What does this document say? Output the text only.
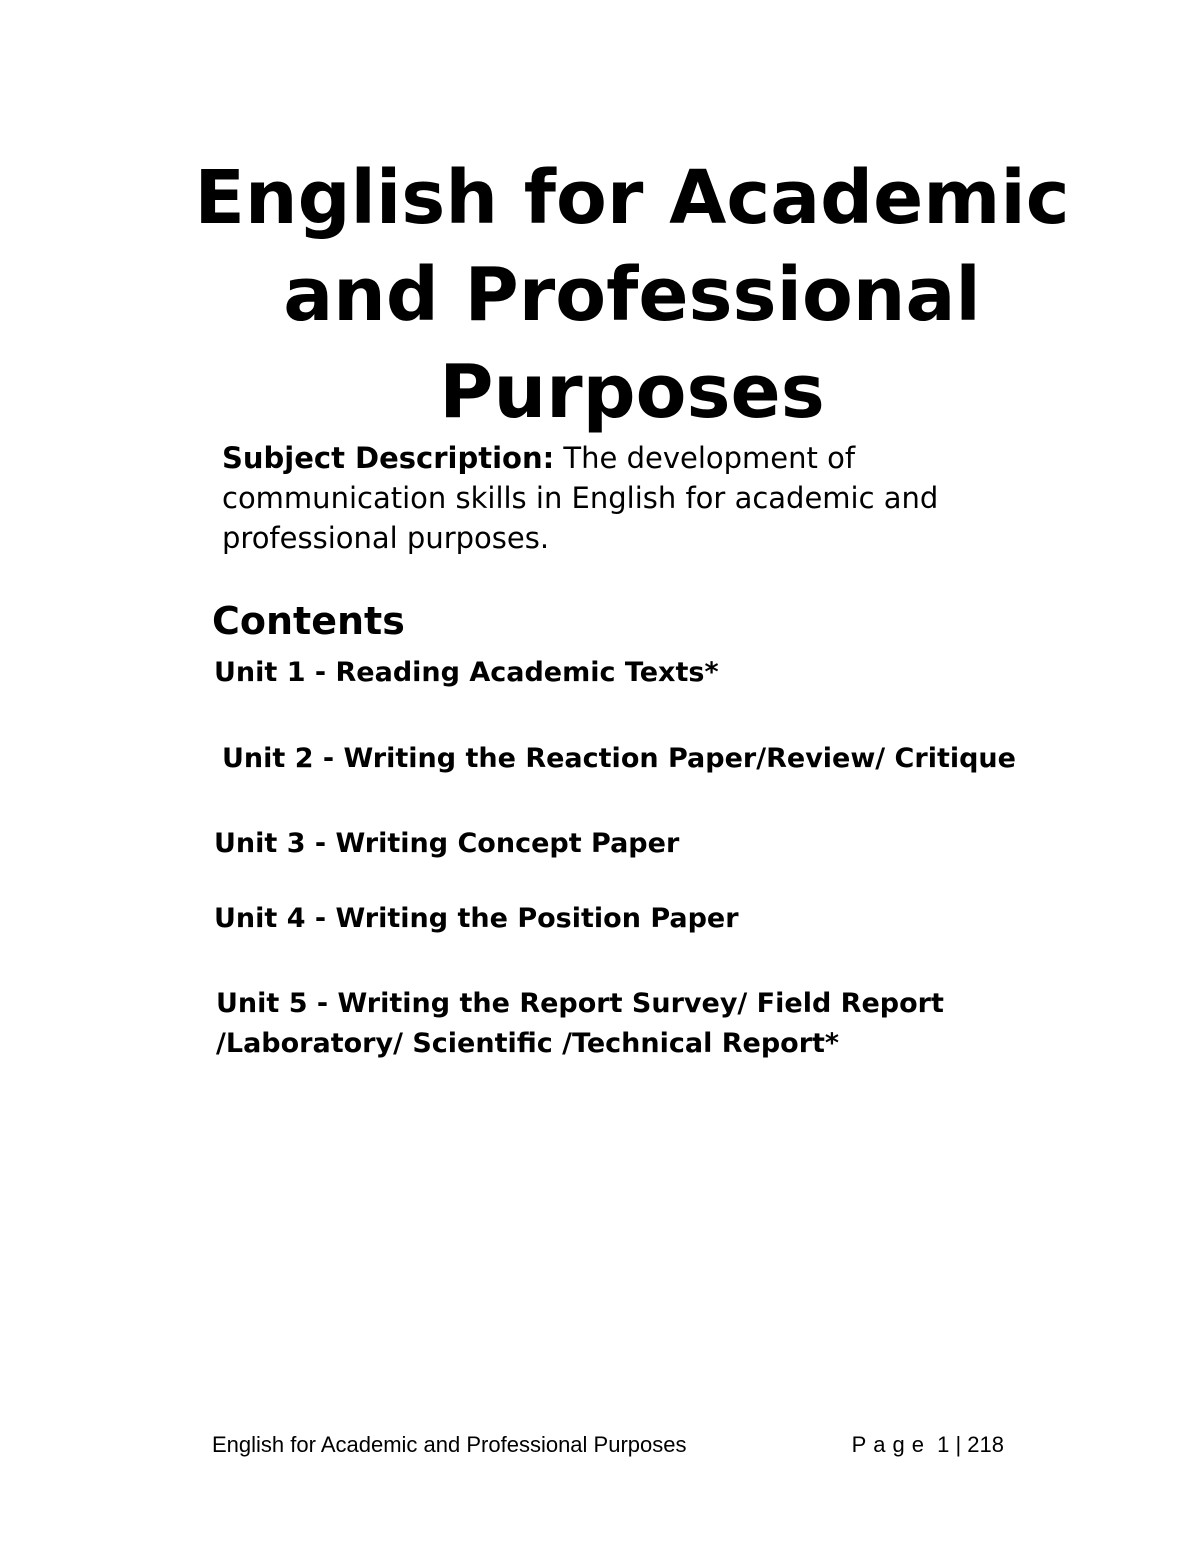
English for Academic
and Professional
Purposes

Subject Description: The development of
communication skills in English for academic and
professional purposes.

Contents

Unit 1 - Reading Academic Texts*

Unit 2 - Writing the Reaction Paper/Review/ Critique

Unit 3 - Writing Concept Paper

Unit 4 - Writing the Position Paper

Unit 5 - Writing the Report Survey/ Field Report
/Laboratory/ Scientific /Technical Report*

English for Academic and Professional Purposes	Page 1 | 218
